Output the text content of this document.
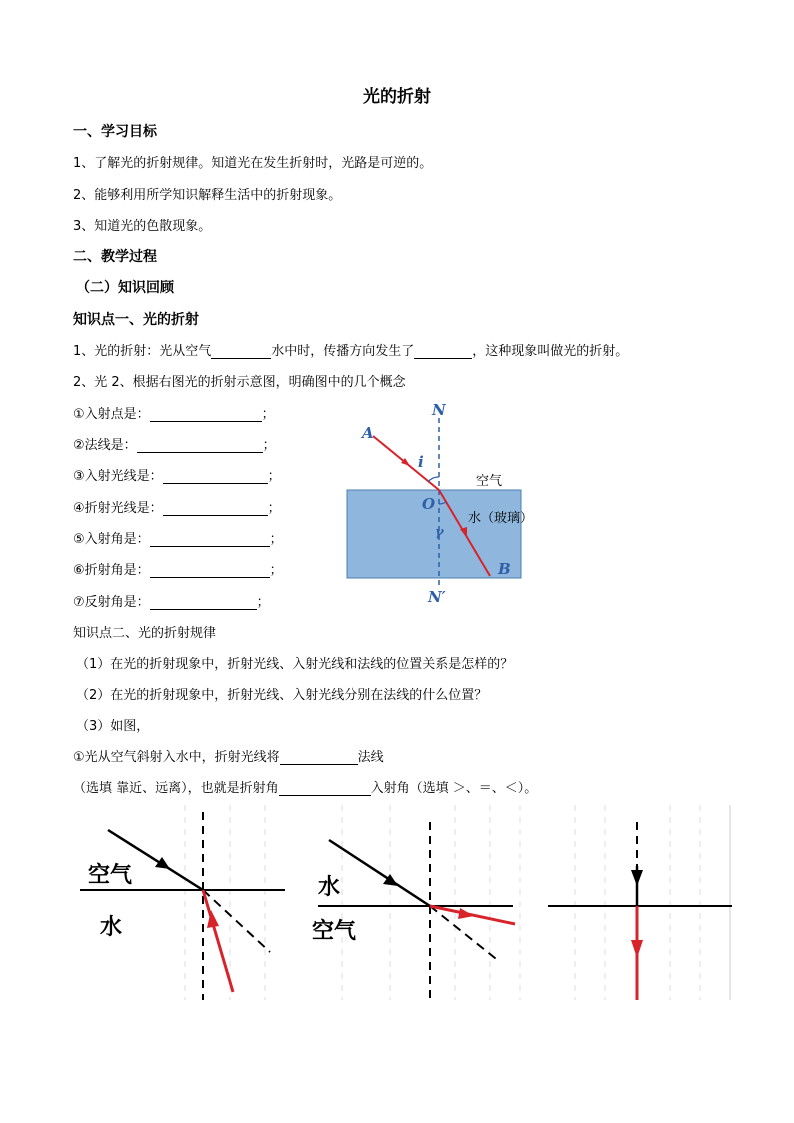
光的折射
一、学习目标
1、了解光的折射规律。知道光在发生折射时，光路是可逆的。
2、能够利用所学知识解释生活中的折射现象。
3、知道光的色散现象。
二、教学过程
（二）知识回顾
知识点一、光的折射
1、光的折射：光从空气	水中时，传播方向发生了	，这种现象叫做光的折射。
2、光 2、根据右图光的折射示意图，明确图中的几个概念
①入射点是：	；
②法线是：	；
③入射光线是：	；
④折射光线是：	；
⑤入射角是：	；
⑥折射角是：	；
⑦反射角是：	；
N
N′
A
B
O
i
γ
空气
水（玻璃）
知识点二、光的折射规律
（1）在光的折射现象中，折射光线、入射光线和法线的位置关系是怎样的？
（2）在光的折射现象中，折射光线、入射光线分别在法线的什么位置？
（3）如图，
①光从空气斜射入水中，折射光线将	法线
（选填 靠近、远离），也就是折射角	入射角（选填 ＞、＝、＜）。
空气
水
水
空气
